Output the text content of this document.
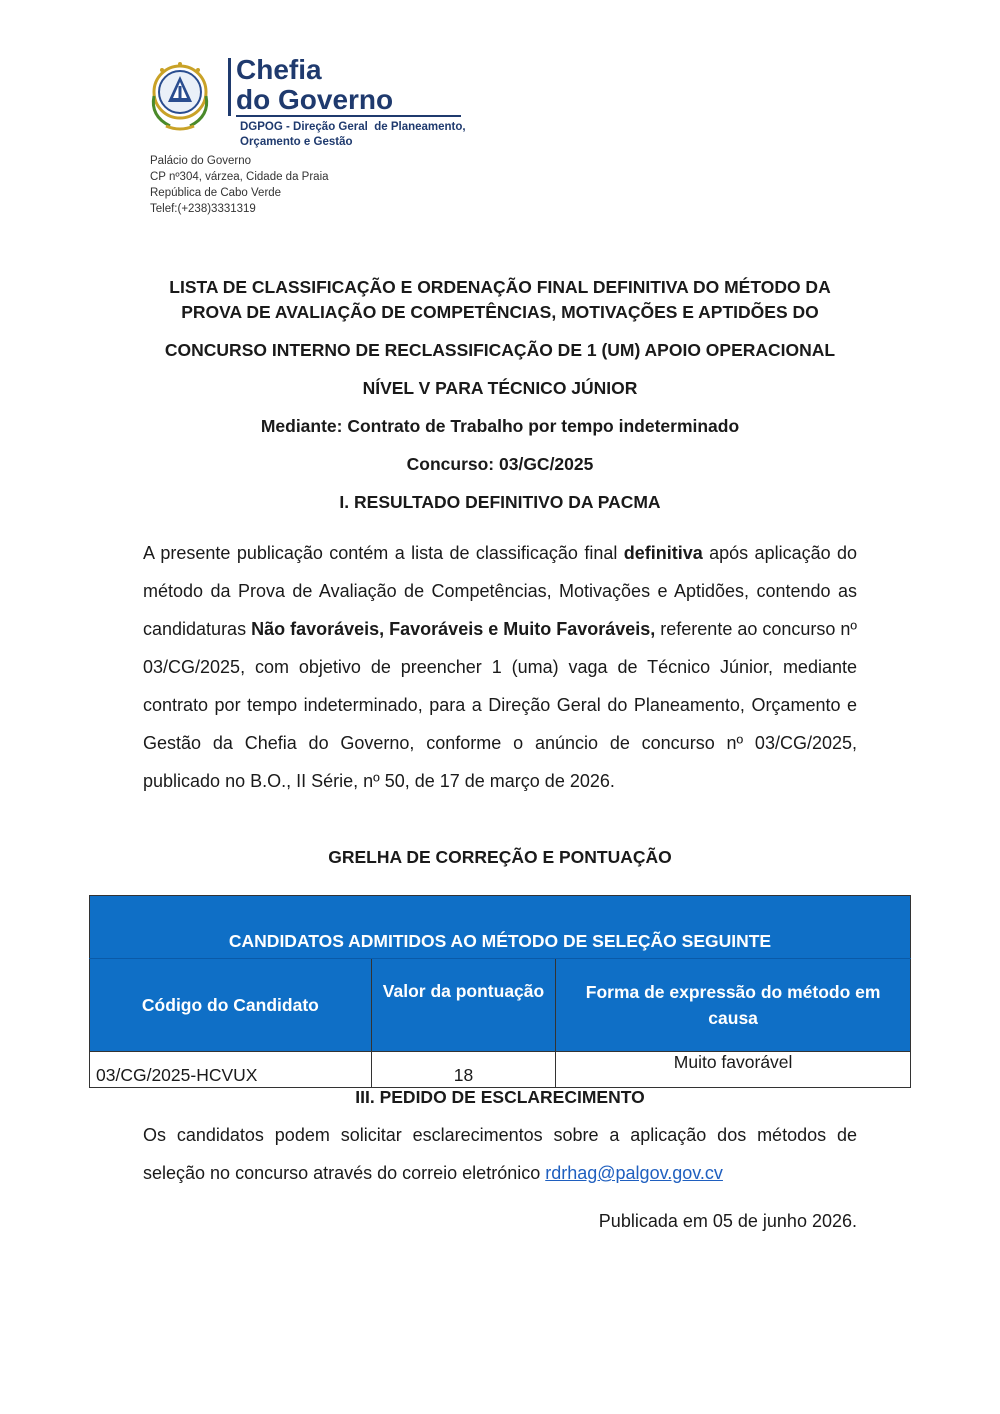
Chefia
do Governo
DGPOG - Direção Geral  de Planeamento,
Orçamento e Gestão
Palácio do Governo
CP nº304, várzea, Cidade da Praia
República de Cabo Verde
Telef:(+238)3331319
LISTA DE CLASSIFICAÇÃO E ORDENAÇÃO FINAL DEFINITIVA DO MÉTODO DA
PROVA DE AVALIAÇÃO DE COMPETÊNCIAS, MOTIVAÇÕES E APTIDÕES DO
CONCURSO INTERNO DE RECLASSIFICAÇÃO DE 1 (UM) APOIO OPERACIONAL
NÍVEL V PARA TÉCNICO JÚNIOR
Mediante: Contrato de Trabalho por tempo indeterminado
Concurso: 03/GC/2025
I. RESULTADO DEFINITIVO DA PACMA
A presente publicação contém a lista de classificação final definitiva após aplicação do método da Prova de Avaliação de Competências, Motivações e Aptidões, contendo as candidaturas Não favoráveis, Favoráveis e Muito Favoráveis, referente ao concurso nº 03/CG/2025, com objetivo de preencher 1 (uma) vaga de Técnico Júnior, mediante contrato por tempo indeterminado, para a Direção Geral do Planeamento, Orçamento e Gestão da Chefia do Governo, conforme o anúncio de concurso nº 03/CG/2025, publicado no B.O., II Série, nº 50, de 17 de março de 2026.
GRELHA DE CORREÇÃO E PONTUAÇÃO
CANDIDATOS ADMITIDOS AO MÉTODO DE SELEÇÃO SEGUINTE		
Código do Candidato	Valor da pontuação	Forma de expressão do método em causa
03/CG/2025-HCVUX	18	Muito favorável
III. PEDIDO DE ESCLARECIMENTO
Os candidatos podem solicitar esclarecimentos sobre a aplicação dos métodos de
seleção no concurso através do correio eletrónico rdrhag@palgov.gov.cv
Publicada em 05 de junho 2026.
